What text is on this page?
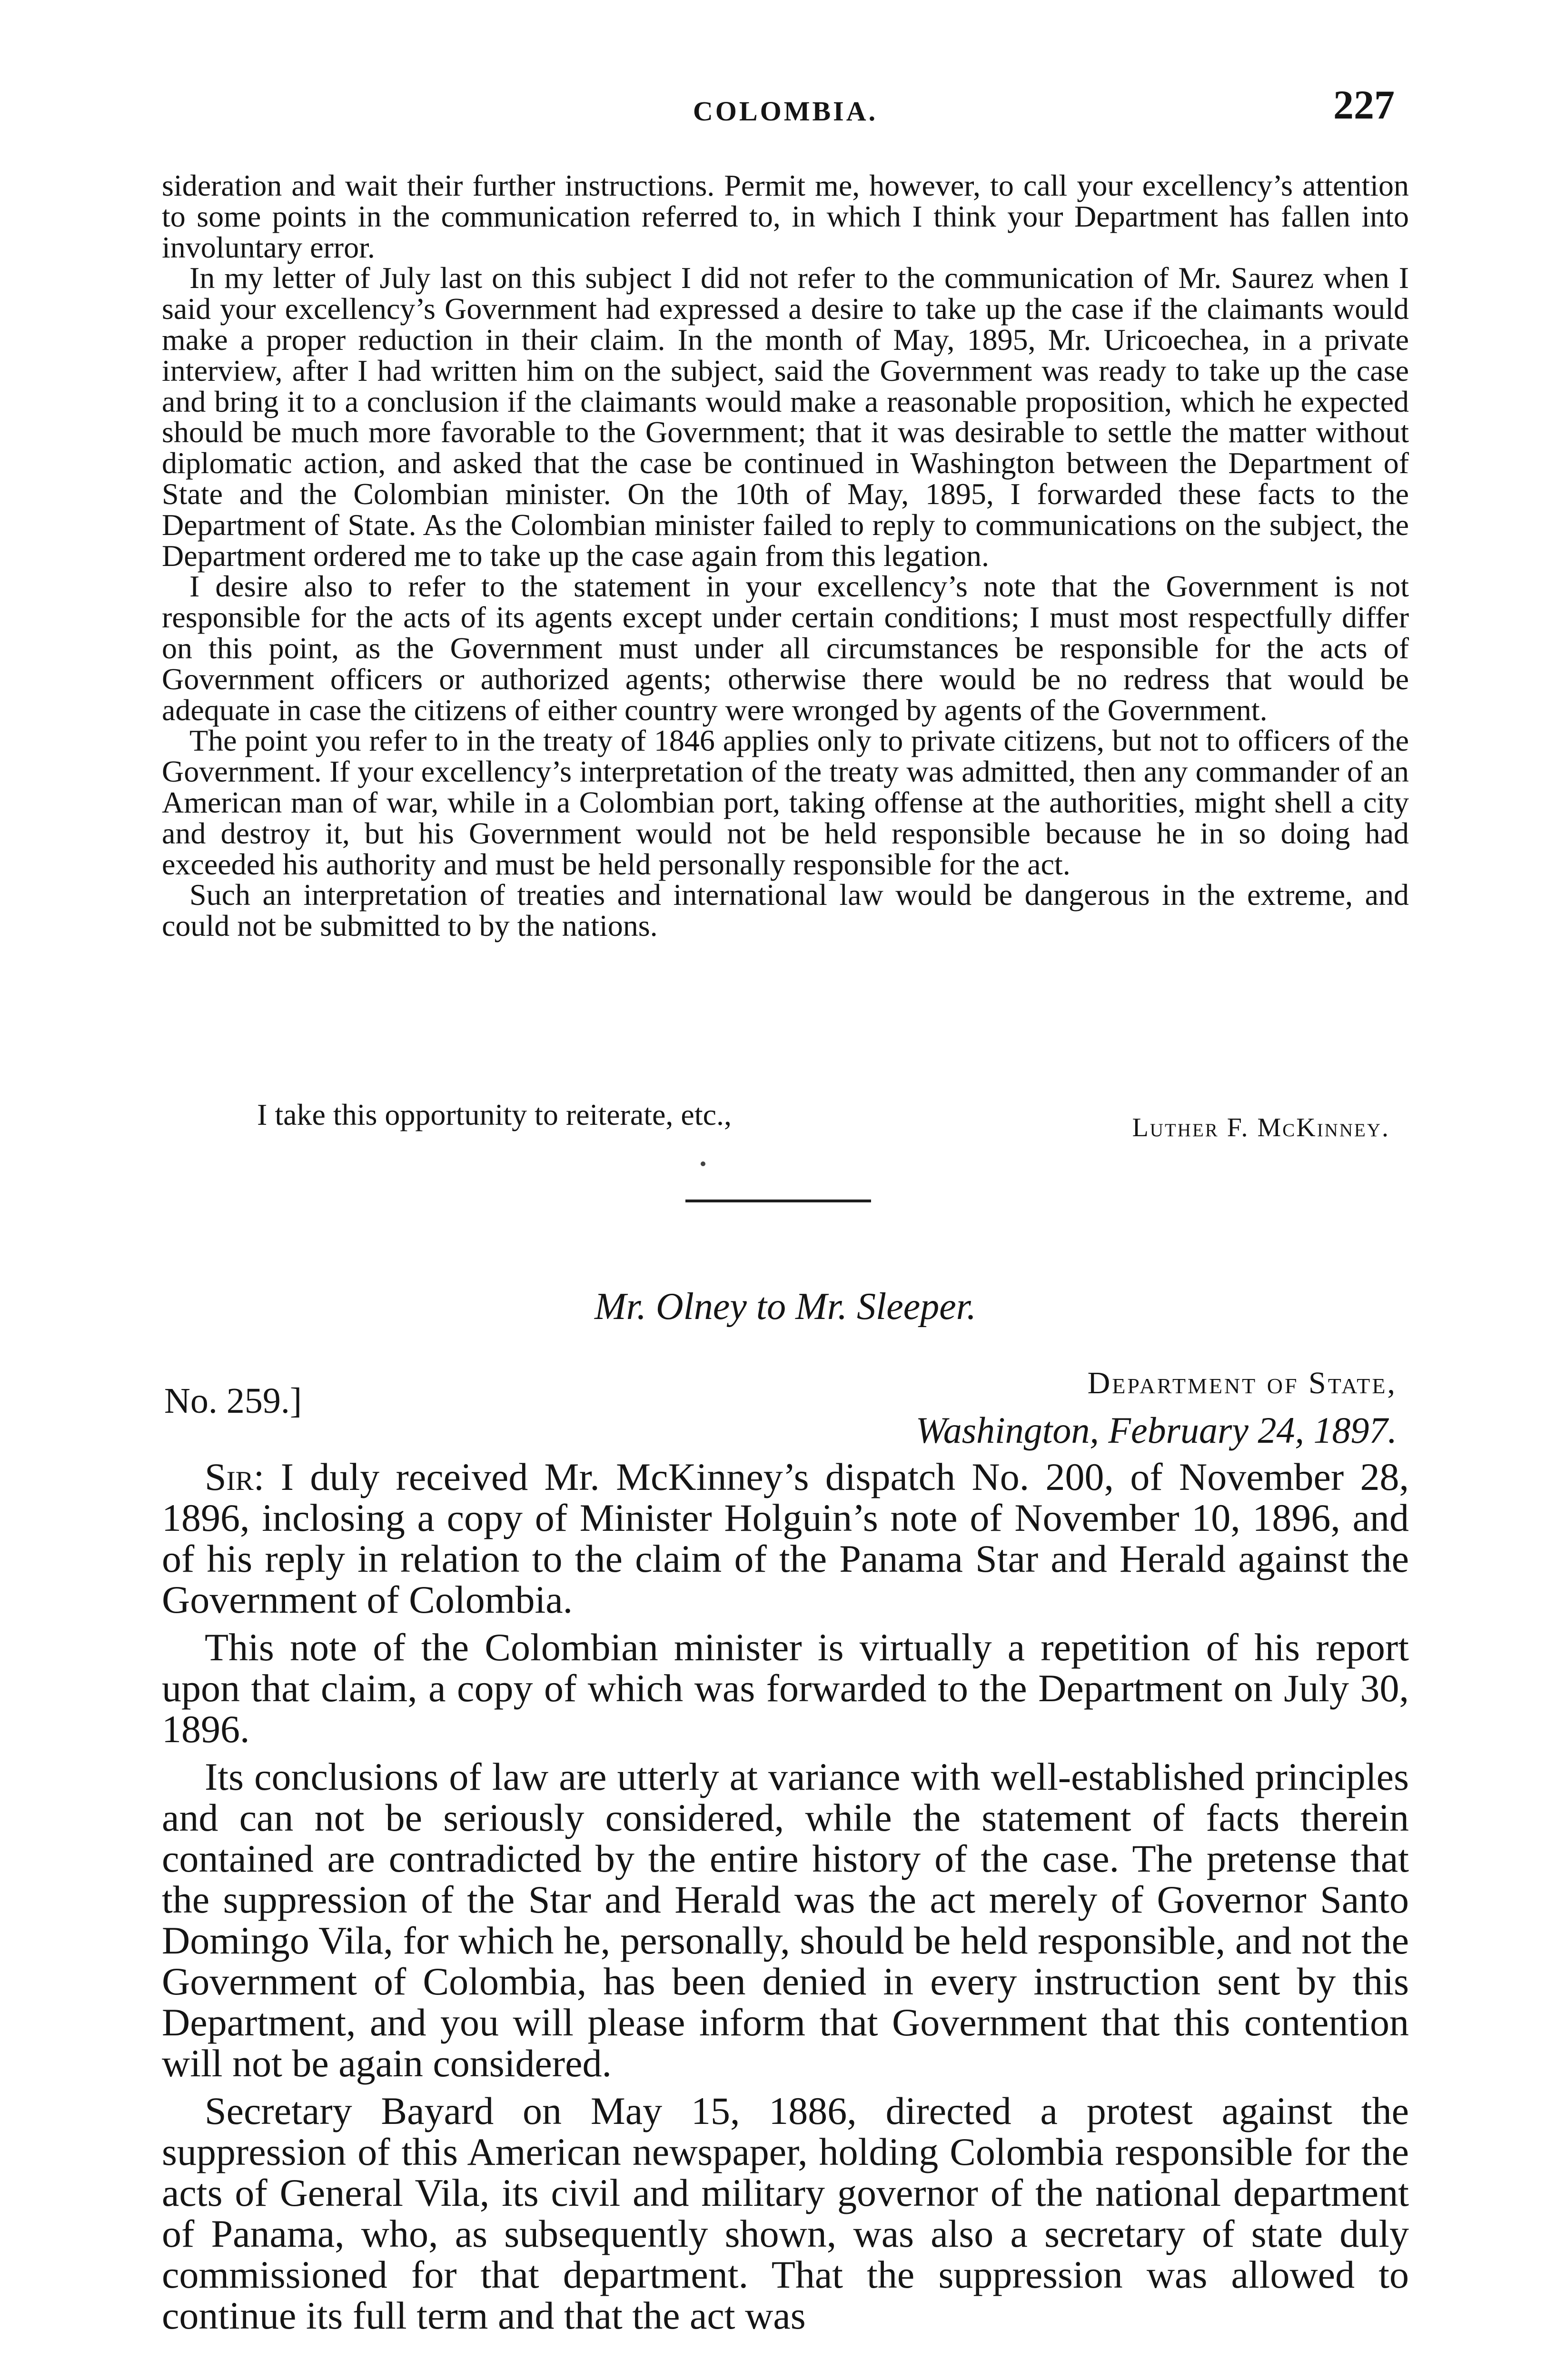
COLOMBIA.	227

sideration and wait their further instructions. Permit me, however, to call your excellency’s attention to some points in the communication referred to, in which I think your Department has fallen into involuntary error.

In my letter of July last on this subject I did not refer to the communication of Mr. Saurez when I said your excellency’s Government had expressed a desire to take up the case if the claimants would make a proper reduction in their claim. In the month of May, 1895, Mr. Uricoechea, in a private interview, after I had written him on the subject, said the Government was ready to take up the case and bring it to a conclusion if the claimants would make a reasonable proposition, which he expected should be much more favorable to the Government; that it was desirable to settle the matter without diplomatic action, and asked that the case be continued in Washington between the Department of State and the Colombian minister. On the 10th of May, 1895, I forwarded these facts to the Department of State. As the Colombian minister failed to reply to communications on the subject, the Department ordered me to take up the case again from this legation.

I desire also to refer to the statement in your excellency’s note that the Government is not responsible for the acts of its agents except under certain conditions; I must most respectfully differ on this point, as the Government must under all circumstances be responsible for the acts of Government officers or authorized agents; otherwise there would be no redress that would be adequate in case the citizens of either country were wronged by agents of the Government.

The point you refer to in the treaty of 1846 applies only to private citizens, but not to officers of the Government. If your excellency’s interpretation of the treaty was admitted, then any commander of an American man of war, while in a Colombian port, taking offense at the authorities, might shell a city and destroy it, but his Government would not be held responsible because he in so doing had exceeded his authority and must be held personally responsible for the act.

Such an interpretation of treaties and international law would be dangerous in the extreme, and could not be submitted to by the nations.

I take this opportunity to reiterate, etc.,	Luther F. McKinney.
Mr. Olney to Mr. Sleeper.
No. 259.]	Department of State,
Washington, February 24, 1897.

Sir: I duly received Mr. McKinney’s dispatch No. 200, of November 28, 1896, inclosing a copy of Minister Holguin’s note of November 10, 1896, and of his reply in relation to the claim of the Panama Star and Herald against the Government of Colombia.

This note of the Colombian minister is virtually a repetition of his report upon that claim, a copy of which was forwarded to the Department on July 30, 1896.

Its conclusions of law are utterly at variance with well-established principles and can not be seriously considered, while the statement of facts therein contained are contradicted by the entire history of the case. The pretense that the suppression of the Star and Herald was the act merely of Governor Santo Domingo Vila, for which he, personally, should be held responsible, and not the Government of Colombia, has been denied in every instruction sent by this Department, and you will please inform that Government that this contention will not be again considered.

Secretary Bayard on May 15, 1886, directed a protest against the suppression of this American newspaper, holding Colombia responsible for the acts of General Vila, its civil and military governor of the national department of Panama, who, as subsequently shown, was also a secretary of state duly commissioned for that department. That the suppression was allowed to continue its full term and that the act was
